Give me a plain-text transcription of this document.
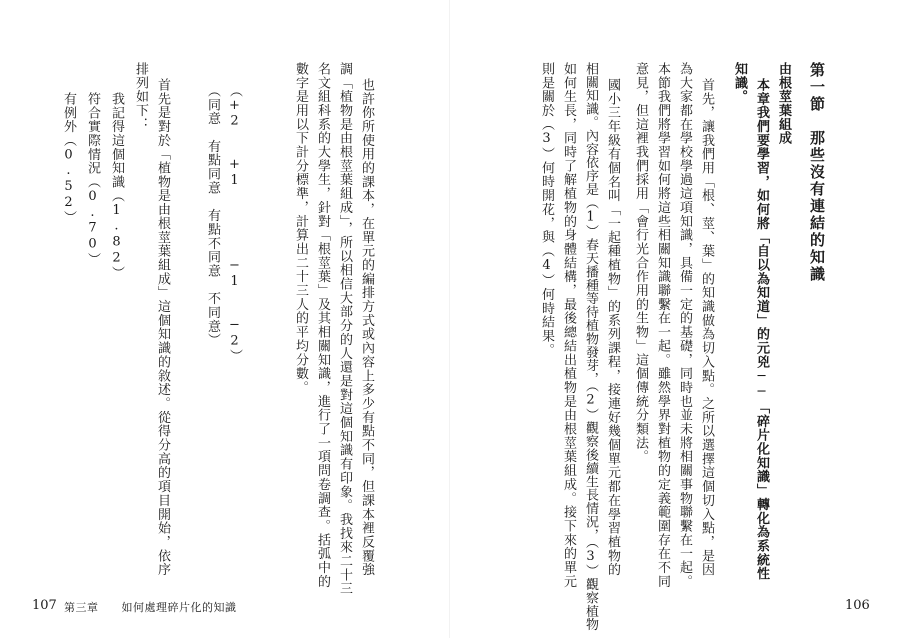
第一節　那些沒有連結的知識
由根莖葉組成
本章我們要學習，如何將「自以為知道」的元兇──「碎片化知識」轉化為系統性
知識。
首先，讓我們用「根、莖、葉」的知識做為切入點。之所以選擇這個切入點，是因
為大家都在學校學過這項知識，具備一定的基礎，同時也並未將相關事物聯繫在一起。
本節我們將學習如何將這些相關知識聯繫在一起。雖然學界對植物的定義範圍存在不同
意見，但這裡我們採用「會行光合作用的生物」這個傳統分類法。
國小三年級有個名叫「一起種植物」的系列課程，接連好幾個單元都在學習植物的
相關知識。內容依序是（1）春天播種等待植物發芽，（2）觀察後續生長情況，（3）觀察植物
如何生長，同時了解植物的身體結構，最後總結出植物是由根莖葉組成。接下來的單元
則是關於（3）何時開花，與（4）何時結果。
106
也許你所使用的課本，在單元的編排方式或內容上多少有點不同，但課本裡反覆強
調「植物是由根莖葉組成」，所以相信大部分的人還是對這個知識有印象。我找來二十三
名文組科系的大學生，針對「根莖葉」及其相關知識，進行了一項問卷調查。括弧中的
數字是用以下計分標準，計算出二十三人的平均分數。
（+2　　+1　　　　　−1　　−2）
（同意　有點同意　有點不同意　不同意）
首先是對於「植物是由根莖葉組成」這個知識的敘述。從得分高的項目開始，依序
排列如下：
我記得這個知識（1.82）
符合實際情況（0.70）
有例外（0.52）
107 第三章　　如何處理碎片化的知識
